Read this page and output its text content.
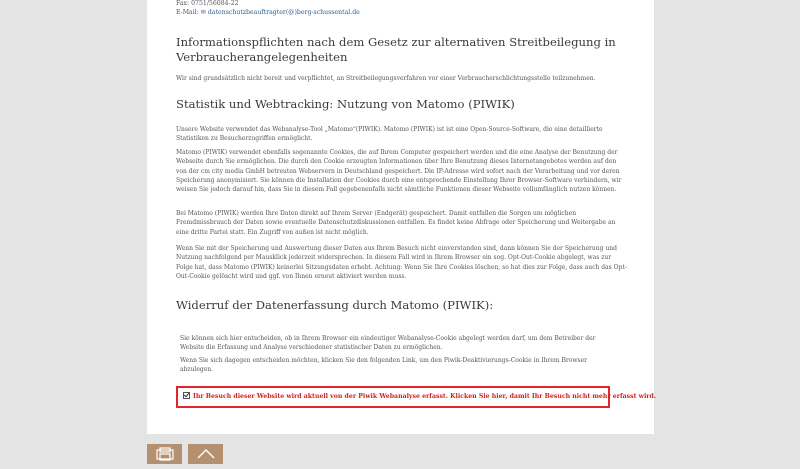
Fax: 0751/56084-22
E-Mail: ✉ datenschutzbeauftragter(@)berg-schussental.de
Informationspflichten nach dem Gesetz zur alternativen Streitbeilegung in Verbraucherangelegenheiten

Wir sind grundsätzlich nicht bereit und verpflichtet, an Streitbeilegungsverfahren vor einer Verbraucherschlichtungsstelle teilzunehmen.

Statistik und Webtracking: Nutzung von Matomo (PIWIK)

Unsere Website verwendet das Webanalyse-Tool „Matomo“(PIWIK). Matomo (PIWIK) ist ist eine Open-Source-Software, die eine detaillierte Statistiken zu Besucherzugriffen ermöglicht.

Matomo (PIWIK) verwendet ebenfalls sogenannte Cookies, die auf Ihrem Computer gespeichert werden und die eine Analyse der Benutzung der Webseite durch Sie ermöglichen. Die durch den Cookie erzeugten Informationen über Ihre Benutzung dieses Internetangebotes werden auf den von der cm city media GmbH betreuten Webservern in Deutschland gespeichert. Die IP-Adresse wird sofort nach der Verarbeitung und vor deren Speicherung anonymisiert. Sie können die Installation der Cookies durch eine entsprechende Einstellung Ihrer Browser-Software verhindern, wir weisen Sie jedoch darauf hin, dass Sie in diesem Fall gegebenenfalls nicht sämtliche Funktionen dieser Webseite vollumfänglich nutzen können.

Bei Matomo (PIWIK) werden Ihre Daten direkt auf Ihrem Server (Endgerät) gespeichert. Damit entfallen die Sorgen um möglichen Fremdmissbrauch der Daten sowie eventuelle Datenschutzdiskussionen entfallen. Es findet keine Abfrage oder Speicherung und Weitergabe an eine dritte Partei statt. Ein Zugriff von außen ist nicht möglich.

Wenn Sie mit der Speicherung und Auswertung dieser Daten aus Ihrem Besuch nicht einverstanden sind, dann können Sie der Speicherung und Nutzung nachfolgend per Mausklick jederzeit widersprechen. In diesem Fall wird in Ihrem Browser ein sog. Opt-Out-Cookie abgelegt, was zur Folge hat, dass Matomo (PIWIK) keinerlei Sitzungsdaten erhebt. Achtung: Wenn Sie Ihre Cookies löschen, so hat dies zur Folge, dass auch das Opt-Out-Cookie gelöscht wird und ggf. von Ihnen erneut aktiviert werden muss.

Widerruf der Datenerfassung durch Matomo (PIWIK):

Sie können sich hier entscheiden, ob in Ihrem Browser ein eindeutiger Webanalyse-Cookie abgelegt werden darf, um dem Betreiber der Website die Erfassung und Analyse verschiedener statistischer Daten zu ermöglichen.

Wenn Sie sich dagegen entscheiden möchten, klicken Sie den folgenden Link, um den Piwik-Deaktivierungs-Cookie in Ihrem Browser abzulegen.

Ihr Besuch dieser Website wird aktuell von der Piwik Webanalyse erfasst. Klicken Sie hier, damit Ihr Besuch nicht mehr erfasst wird.
